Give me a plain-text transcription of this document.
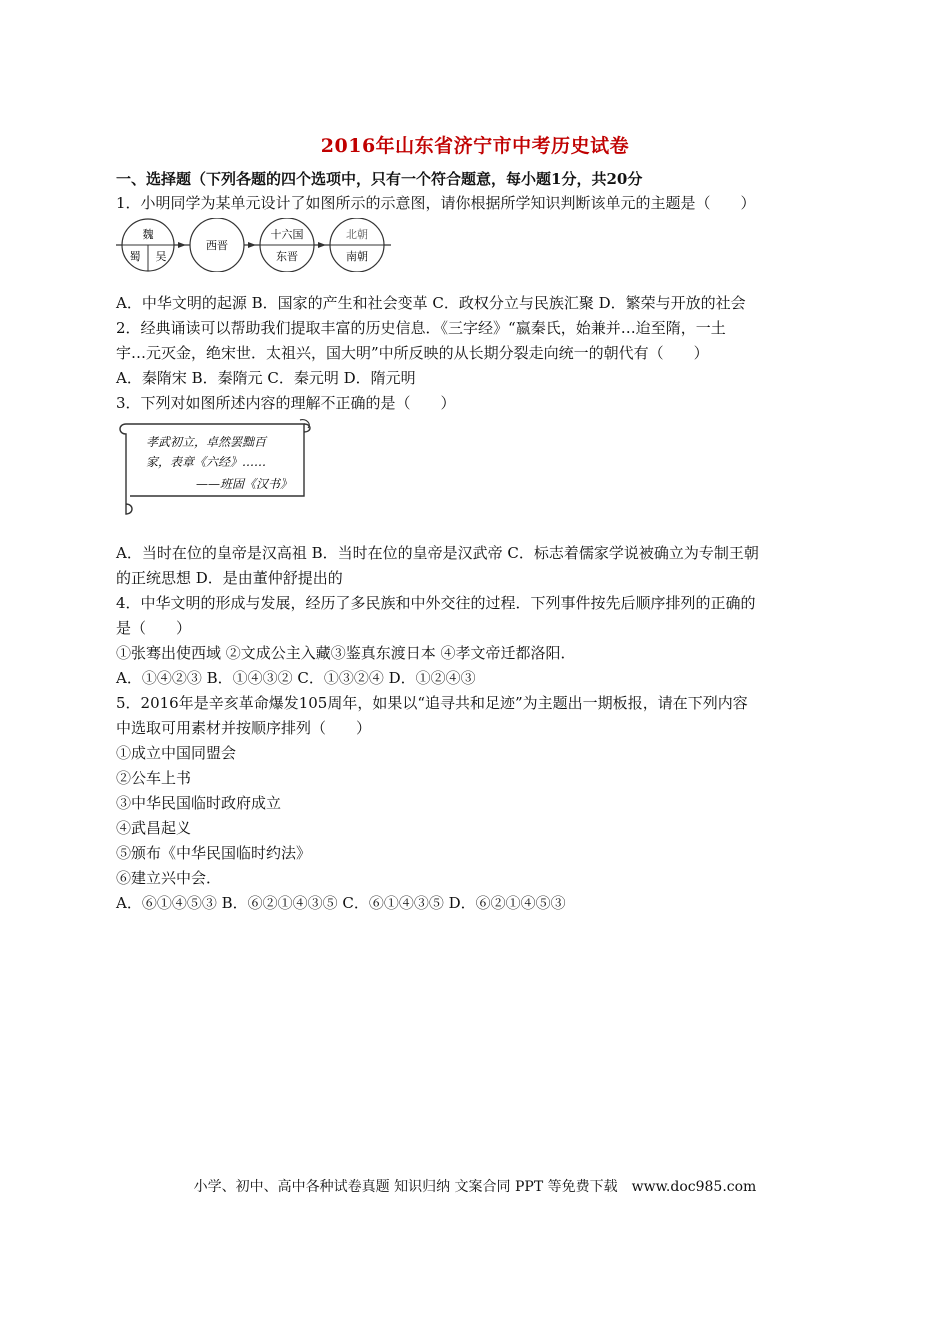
2016年山东省济宁市中考历史试卷
一、选择题（下列各题的四个选项中，只有一个符合题意，每小题1分，共20分
1．小明同学为某单元设计了如图所示的示意图，请你根据所学知识判断该单元的主题是（　　）
魏
蜀 吴
西晋
十六国
东晋
北朝
南朝
A．中华文明的起源 B．国家的产生和社会变革 C．政权分立与民族汇聚 D．繁荣与开放的社会
2．经典诵读可以帮助我们提取丰富的历史信息．《三字经》“嬴秦氏，始兼并…迨至隋，一土
宇…元灭金，绝宋世．太祖兴，国大明”中所反映的从长期分裂走向统一的朝代有（　　）
A．秦隋宋 B．秦隋元 C．秦元明 D．隋元明
3．下列对如图所述内容的理解不正确的是（　　）
孝武初立，卓然罢黜百
家，表章《六经》……
——班固《汉书》
A．当时在位的皇帝是汉高祖 B．当时在位的皇帝是汉武帝 C．标志着儒家学说被确立为专制王朝
的正统思想 D．是由董仲舒提出的
4．中华文明的形成与发展，经历了多民族和中外交往的过程．下列事件按先后顺序排列的正确的
是（　　）
①张骞出使西域 ②文成公主入藏③鉴真东渡日本 ④孝文帝迁都洛阳．
A．①④②③ B．①④③② C．①③②④ D．①②④③
5．2016年是辛亥革命爆发105周年，如果以“追寻共和足迹”为主题出一期板报，请在下列内容
中选取可用素材并按顺序排列（　　）
①成立中国同盟会
②公车上书
③中华民国临时政府成立
④武昌起义
⑤颁布《中华民国临时约法》
⑥建立兴中会．
A．⑥①④⑤③ B．⑥②①④③⑤ C．⑥①④③⑤ D．⑥②①④⑤③
小学、初中、高中各种试卷真题 知识归纳 文案合同 PPT 等免费下载　www.doc985.com
